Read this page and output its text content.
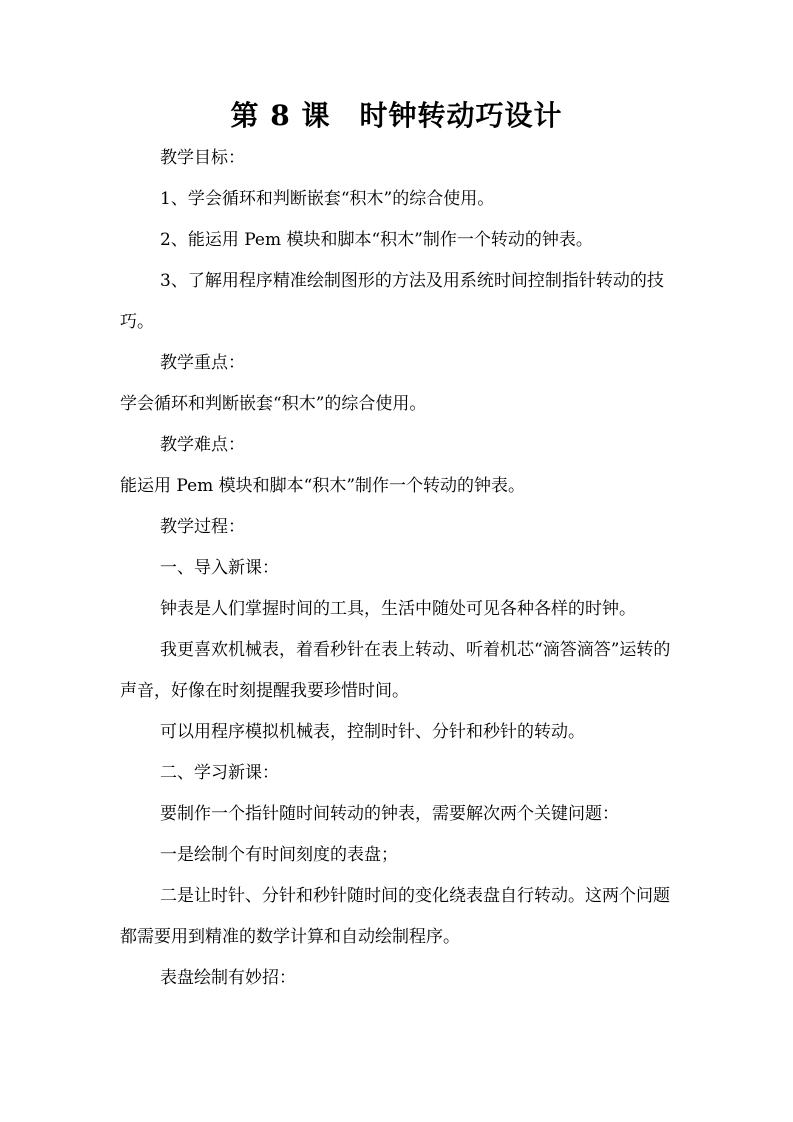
第 8 课　时钟转动巧设计

教学目标：

1、学会循环和判断嵌套“积木”的综合使用。

2、能运用 Pem 模块和脚本“积木”制作一个转动的钟表。

3、了解用程序精准绘制图形的方法及用系统时间控制指针转动的技巧。

教学重点：

学会循环和判断嵌套“积木”的综合使用。

教学难点：

能运用 Pem 模块和脚本“积木”制作一个转动的钟表。

教学过程：

一、导入新课：

钟表是人们掌握时间的工具，生活中随处可见各种各样的时钟。

我更喜欢机械表，着看秒针在表上转动、听着机芯“滴答滴答”运转的声音，好像在时刻提醒我要珍惜时间。

可以用程序模拟机械表，控制时针、分针和秒针的转动。

二、学习新课：

要制作一个指针随时间转动的钟表，需要解次两个关键问题：

一是绘制个有时间刻度的表盘；

二是让时针、分针和秒针随时间的变化绕表盘自行转动。这两个问题都需要用到精准的数学计算和自动绘制程序。

表盘绘制有妙招：
